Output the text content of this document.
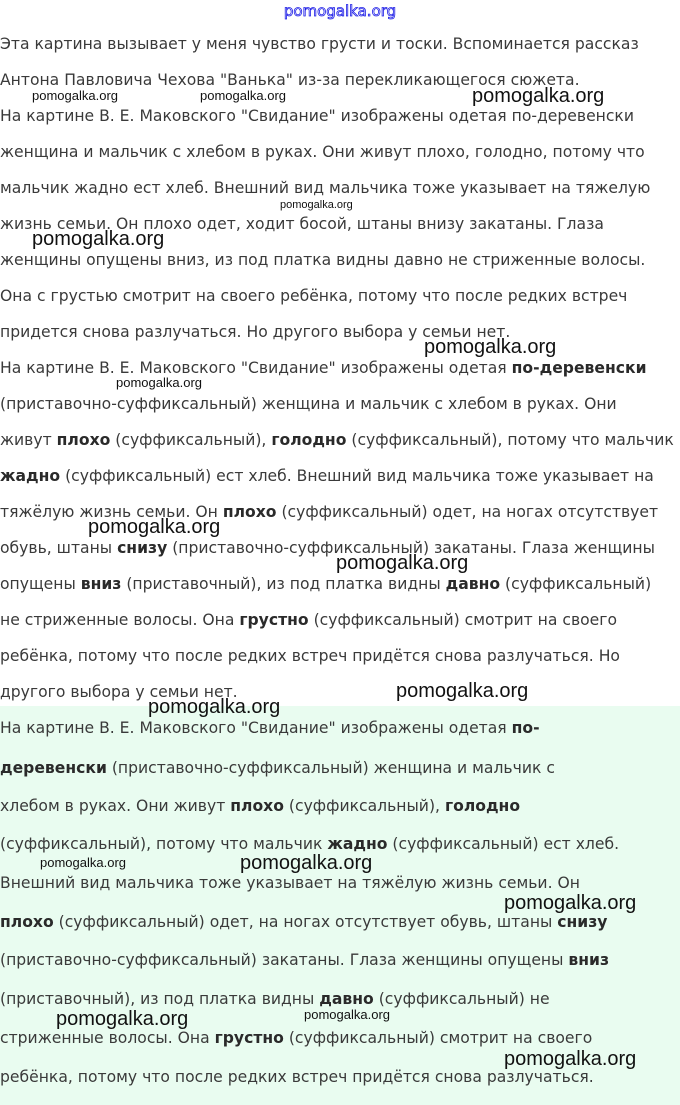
pomogalka.org
Эта картина вызывает у меня чувство грусти и тоски. Вспоминается рассказ
Антона Павловича Чехова "Ванька" из-за перекликающегося сюжета.
На картине В. Е. Маковского "Свидание" изображены одетая по-деревенски
женщина и мальчик с хлебом в руках. Они живут плохо, голодно, потому что
мальчик жадно ест хлеб. Внешний вид мальчика тоже указывает на тяжелую
жизнь семьи. Он плохо одет, ходит босой, штаны внизу закатаны. Глаза
женщины опущены вниз, из под платка видны давно не стриженные волосы.
Она с грустью смотрит на своего ребёнка, потому что после редких встреч
придется снова разлучаться. Но другого выбора у семьи нет.
На картине В. Е. Маковского "Свидание" изображены одетая по-деревенски
(приставочно-суффиксальный) женщина и мальчик с хлебом в руках. Они
живут плохо (суффиксальный), голодно (суффиксальный), потому что мальчик
жадно (суффиксальный) ест хлеб. Внешний вид мальчика тоже указывает на
тяжёлую жизнь семьи. Он плохо (суффиксальный) одет, на ногах отсутствует
обувь, штаны снизу (приставочно-суффиксальный) закатаны. Глаза женщины
опущены вниз (приставочный), из под платка видны давно (суффиксальный)
не стриженные волосы. Она грустно (суффиксальный) смотрит на своего
ребёнка, потому что после редких встреч придётся снова разлучаться. Но
другого выбора у семьи нет.
На картине В. Е. Маковского "Свидание" изображены одетая по-
деревенски (приставочно-суффиксальный) женщина и мальчик с
хлебом в руках. Они живут плохо (суффиксальный), голодно
(суффиксальный), потому что мальчик жадно (суффиксальный) ест хлеб.
Внешний вид мальчика тоже указывает на тяжёлую жизнь семьи. Он
плохо (суффиксальный) одет, на ногах отсутствует обувь, штаны снизу
(приставочно-суффиксальный) закатаны. Глаза женщины опущены вниз
(приставочный), из под платка видны давно (суффиксальный) не
стриженные волосы. Она грустно (суффиксальный) смотрит на своего
ребёнка, потому что после редких встреч придётся снова разлучаться.
pomogalka.org	pomogalka.org	pomogalka.org
pomogalka.org
pomogalka.org
pomogalka.org
pomogalka.org
pomogalka.org
pomogalka.org
pomogalka.org
pomogalka.org
pomogalka.org	pomogalka.org
pomogalka.org
pomogalka.org	pomogalka.org
pomogalka.org
